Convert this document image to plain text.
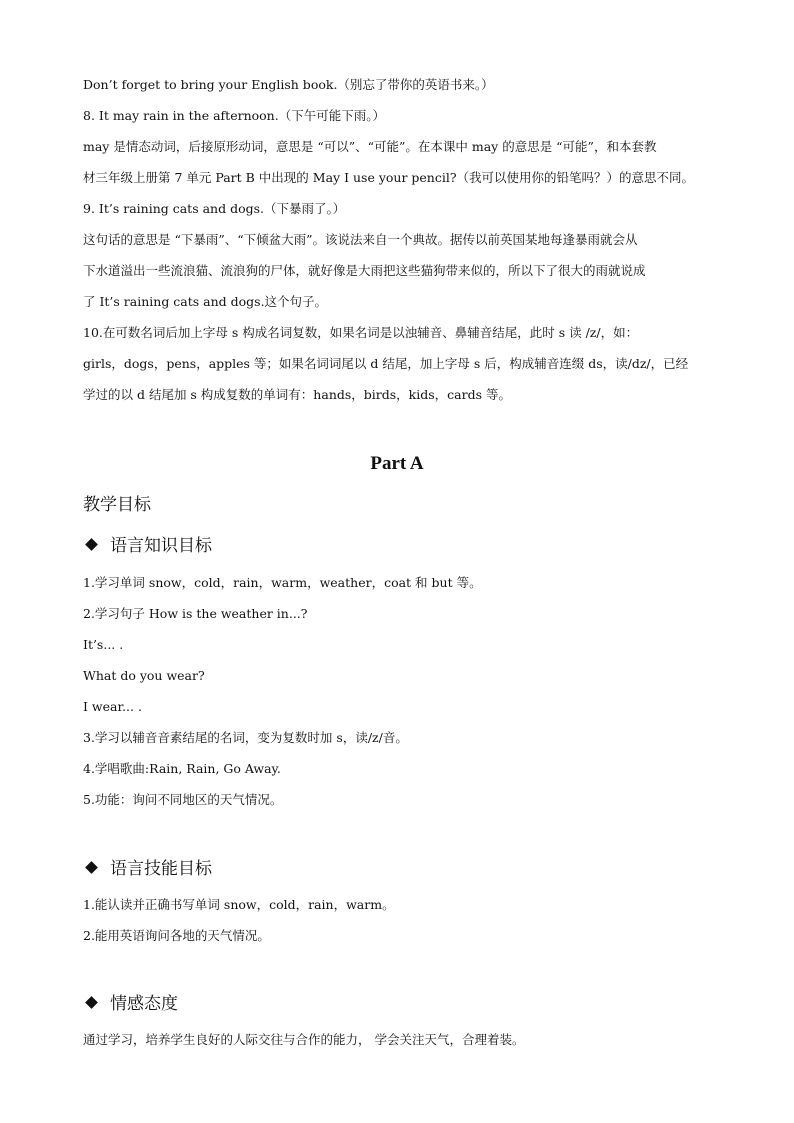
Don’t forget to bring your English book.（别忘了带你的英语书来。）
8. It may rain in the afternoon.（下午可能下雨。）
may 是情态动词，后接原形动词，意思是 “可以”、“可能”。在本课中 may 的意思是 “可能”，和本套教
材三年级上册第 7 单元 Part B 中出现的 May I use your pencil?（我可以使用你的铅笔吗？）的意思不同。
9. It’s raining cats and dogs.（下暴雨了。）
这句话的意思是 “下暴雨”、“下倾盆大雨”。该说法来自一个典故。据传以前英国某地每逢暴雨就会从
下水道溢出一些流浪猫、流浪狗的尸体，就好像是大雨把这些猫狗带来似的，所以下了很大的雨就说成
了 It’s raining cats and dogs.这个句子。
10.在可数名词后加上字母 s 构成名词复数，如果名词是以浊辅音、鼻辅音结尾，此时 s 读 /z/，如：
girls，dogs，pens，apples 等；如果名词词尾以 d 结尾，加上字母 s 后，构成辅音连缀 ds，读/dz/，已经
学过的以 d 结尾加 s 构成复数的单词有：hands，birds，kids，cards 等。
Part A
教学目标
语言知识目标
1.学习单词 snow，cold，rain，warm，weather，coat 和 but 等。
2.学习句子 How is the weather in...?
It’s... .
What do you wear?
I wear... .
3.学习以辅音音素结尾的名词，变为复数时加 s，读/z/音。
4.学唱歌曲:Rain, Rain, Go Away.
5.功能：询问不同地区的天气情况。
语言技能目标
1.能认读并正确书写单词 snow，cold，rain，warm。
2.能用英语询问各地的天气情况。
情感态度
通过学习，培养学生良好的人际交往与合作的能力， 学会关注天气，合理着装。
